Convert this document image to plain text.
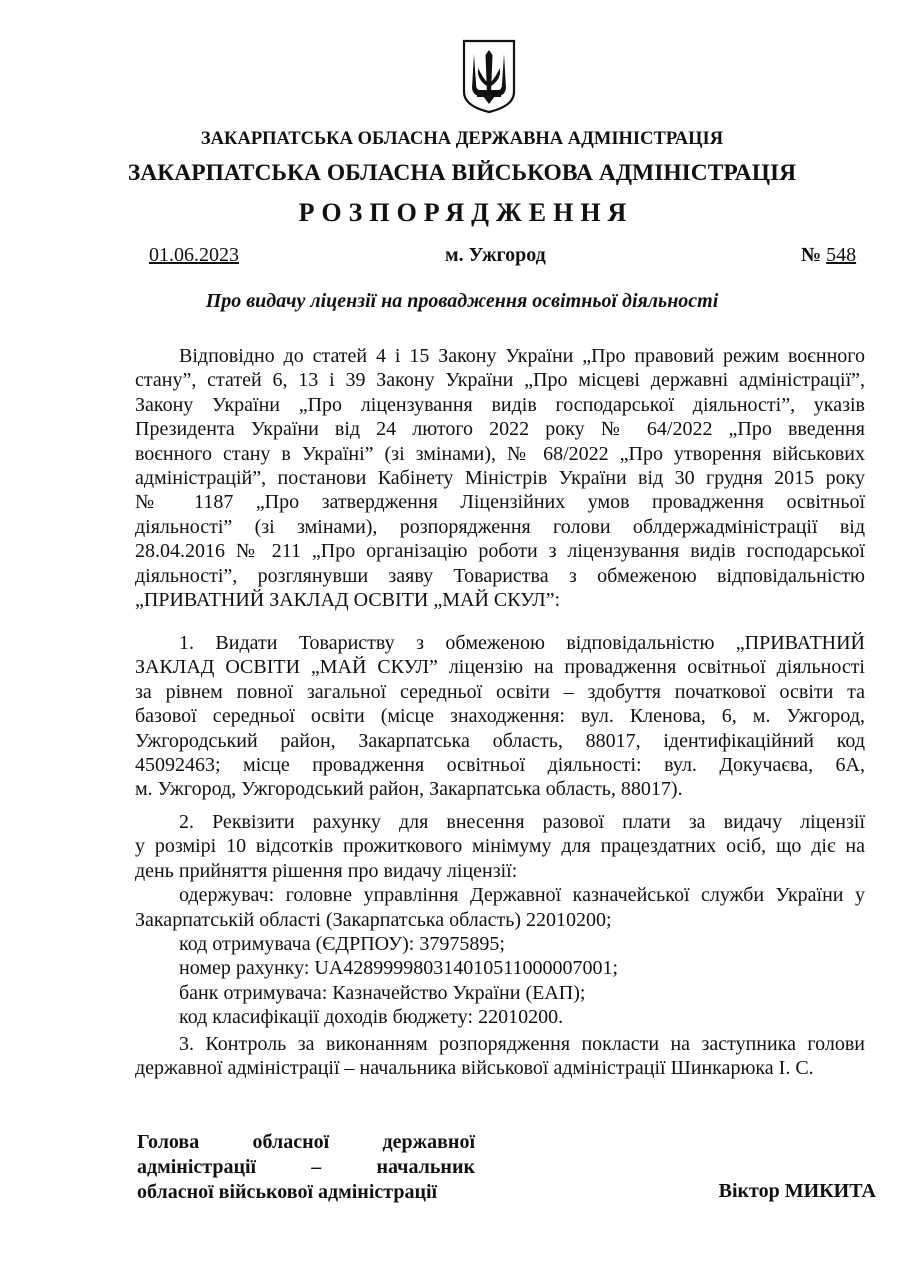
ЗАКАРПАТСЬКА ОБЛАСНА ДЕРЖАВНА АДМІНІСТРАЦІЯ
ЗАКАРПАТСЬКА ОБЛАСНА ВІЙСЬКОВА АДМІНІСТРАЦІЯ
РОЗПОРЯДЖЕННЯ
01.06.2023	м. Ужгород	№ 548
Про видачу ліцензії на провадження освітньої діяльності
Відповідно до статей 4 і 15 Закону України „Про правовий режим воєнного
стану”, статей 6, 13 і 39 Закону України „Про місцеві державні адміністрації”,
Закону України „Про ліцензування видів господарської діяльності”, указів
Президента України від 24 лютого 2022 року № 64/2022 „Про введення
воєнного стану в Україні” (зі змінами), № 68/2022 „Про утворення військових
адміністрацій”, постанови Кабінету Міністрів України від 30 грудня 2015 року
№ 1187 „Про затвердження Ліцензійних умов провадження освітньої
діяльності” (зі змінами), розпорядження голови облдержадміністрації від
28.04.2016 № 211 „Про організацію роботи з ліцензування видів господарської
діяльності”, розглянувши заяву Товариства з обмеженою відповідальністю
„ПРИВАТНИЙ ЗАКЛАД ОСВІТИ „МАЙ СКУЛ”:
1. Видати Товариству з обмеженою відповідальністю „ПРИВАТНИЙ
ЗАКЛАД ОСВІТИ „МАЙ СКУЛ” ліцензію на провадження освітньої діяльності
за рівнем повної загальної середньої освіти – здобуття початкової освіти та
базової середньої освіти (місце знаходження: вул. Кленова, 6, м. Ужгород,
Ужгородський район, Закарпатська область, 88017, ідентифікаційний код
45092463; місце провадження освітньої діяльності: вул. Докучаєва, 6А,
м. Ужгород, Ужгородський район, Закарпатська область, 88017).
2. Реквізити рахунку для внесення разової плати за видачу ліцензії
у розмірі 10 відсотків прожиткового мінімуму для працездатних осіб, що діє на
день прийняття рішення про видачу ліцензії:
одержувач: головне управління Державної казначейської служби України у
Закарпатській області (Закарпатська область) 22010200;
код отримувача (ЄДРПОУ): 37975895;
номер рахунку: UA428999980314010511000007001;
банк отримувача: Казначейство України (ЕАП);
код класифікації доходів бюджету: 22010200.
3. Контроль за виконанням розпорядження покласти на заступника голови
державної адміністрації – начальника військової адміністрації Шинкарюка І. С.
Голова обласної державної
адміністрації – начальник
обласної військової адміністрації	Віктор МИКИТА
